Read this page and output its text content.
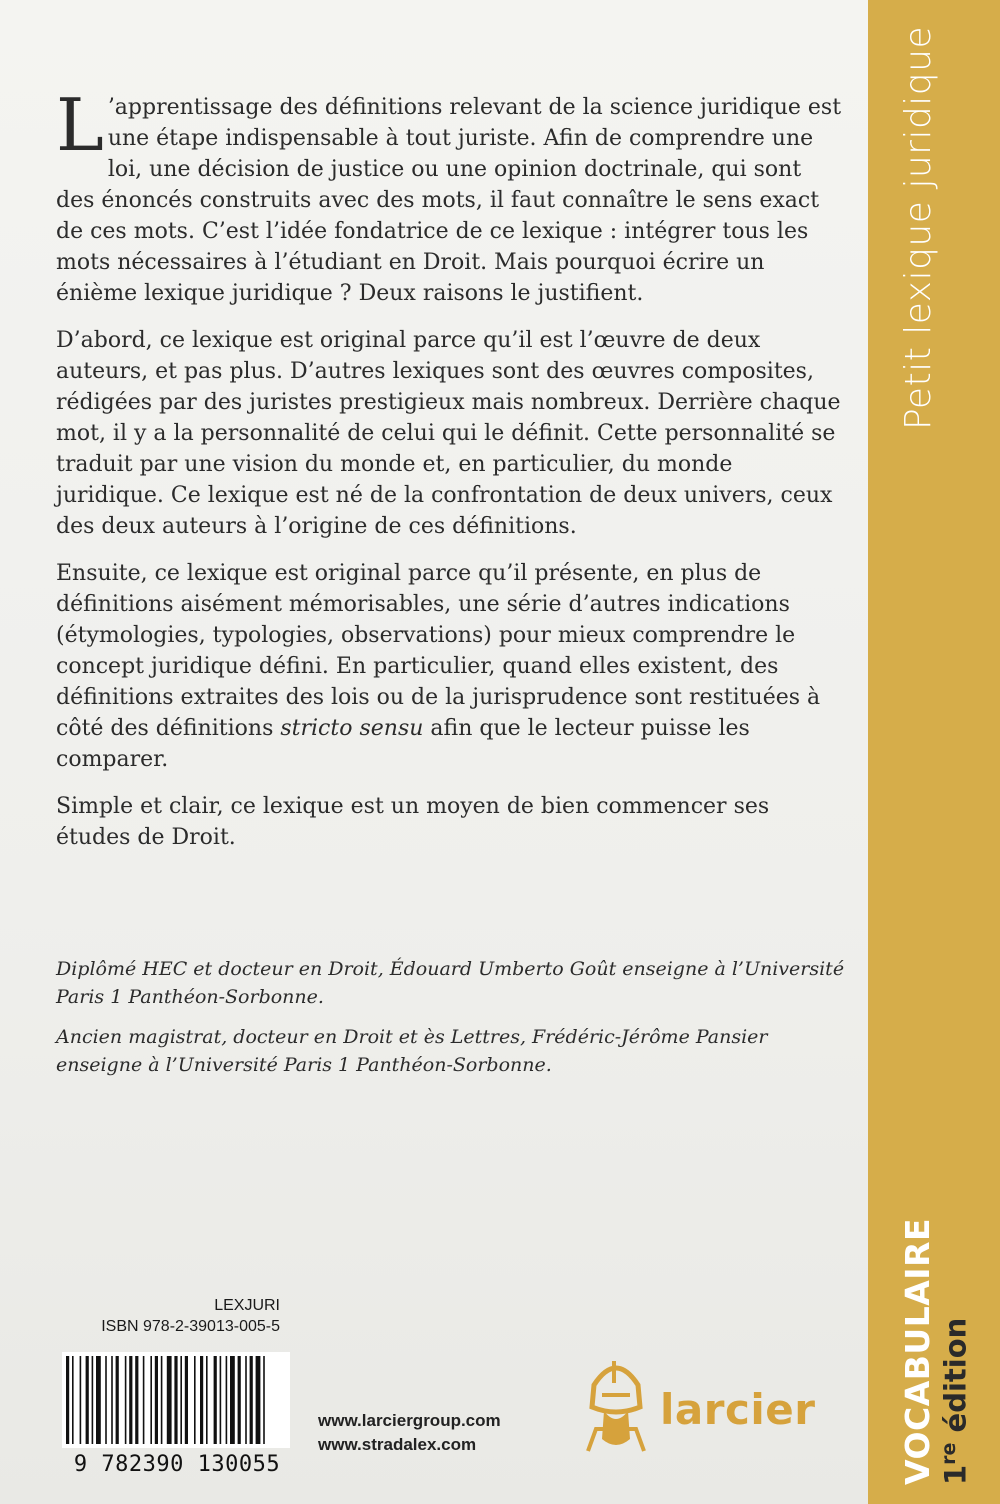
Petit lexique juridique
VOCABULAIRE 1re édition

L ’apprentissage des définitions relevant de la science juridique est une étape indispensable à tout juriste. Afin de comprendre une loi, une décision de justice ou une opinion doctrinale, qui sont des énoncés construits avec des mots, il faut connaître le sens exact de ces mots. C’est l’idée fondatrice de ce lexique : intégrer tous les mots nécessaires à l’étudiant en Droit. Mais pourquoi écrire un énième lexique juridique ? Deux raisons le justifient.

D’abord, ce lexique est original parce qu’il est l’œuvre de deux auteurs, et pas plus. D’autres lexiques sont des œuvres composites, rédigées par des juristes prestigieux mais nombreux. Derrière chaque mot, il y a la personnalité de celui qui le définit. Cette personnalité se traduit par une vision du monde et, en particulier, du monde juridique. Ce lexique est né de la confrontation de deux univers, ceux des deux auteurs à l’origine de ces définitions.

Ensuite, ce lexique est original parce qu’il présente, en plus de définitions aisément mémorisables, une série d’autres indications (étymologies, typologies, observations) pour mieux comprendre le concept juridique défini. En particulier, quand elles existent, des définitions extraites des lois ou de la jurisprudence sont restituées à côté des définitions stricto sensu afin que le lecteur puisse les comparer.

Simple et clair, ce lexique est un moyen de bien commencer ses études de Droit.

Diplômé HEC et docteur en Droit, Édouard Umberto Goût enseigne à l’Université Paris 1 Panthéon-Sorbonne.

Ancien magistrat, docteur en Droit et ès Lettres, Frédéric-Jérôme Pansier enseigne à l’Université Paris 1 Panthéon-Sorbonne.

LEXJURI
ISBN 978-2-39013-005-5
9 782390 130055
www.larciergroup.com
www.stradalex.com
larcier
